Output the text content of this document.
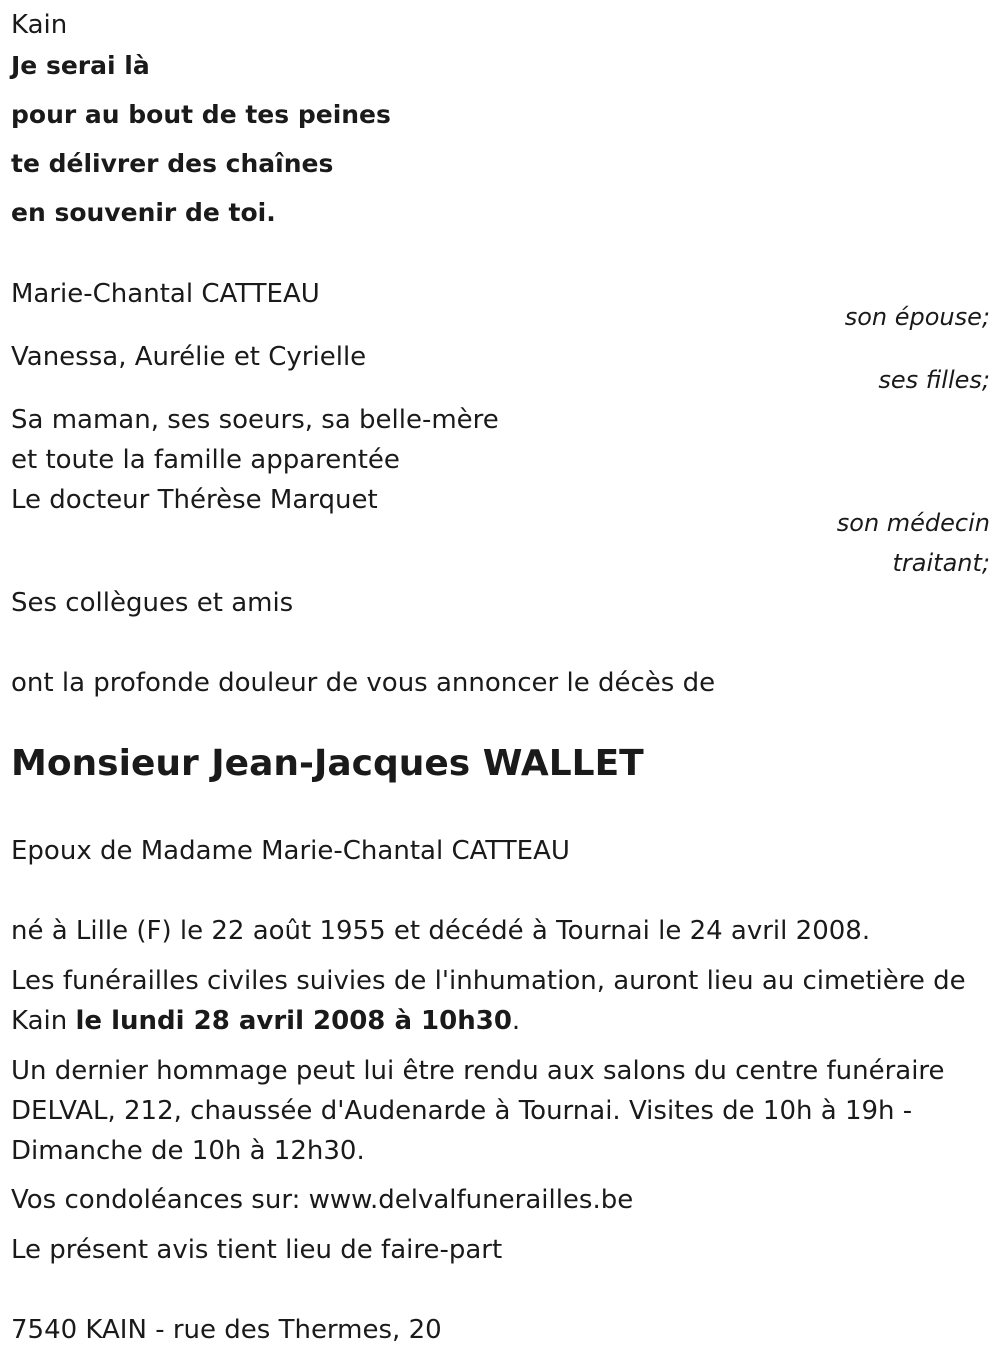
Kain
Je serai là
pour au bout de tes peines
te délivrer des chaînes
en souvenir de toi.
Marie-Chantal CATTEAU
son épouse;
Vanessa, Aurélie et Cyrielle
ses filles;
Sa maman, ses soeurs, sa belle-mère
et toute la famille apparentée
Le docteur Thérèse Marquet
son médecin
traitant;
Ses collègues et amis
ont la profonde douleur de vous annoncer le décès de
Monsieur Jean-Jacques WALLET
Epoux de Madame Marie-Chantal CATTEAU
né à Lille (F) le 22 août 1955 et décédé à Tournai le 24 avril 2008.
Les funérailles civiles suivies de l'inhumation, auront lieu au cimetière de
Kain le lundi 28 avril 2008 à 10h30.
Un dernier hommage peut lui être rendu aux salons du centre funéraire
DELVAL, 212, chaussée d'Audenarde à Tournai. Visites de 10h à 19h -
Dimanche de 10h à 12h30.
Vos condoléances sur: www.delvalfunerailles.be
Le présent avis tient lieu de faire-part
7540 KAIN - rue des Thermes, 20
